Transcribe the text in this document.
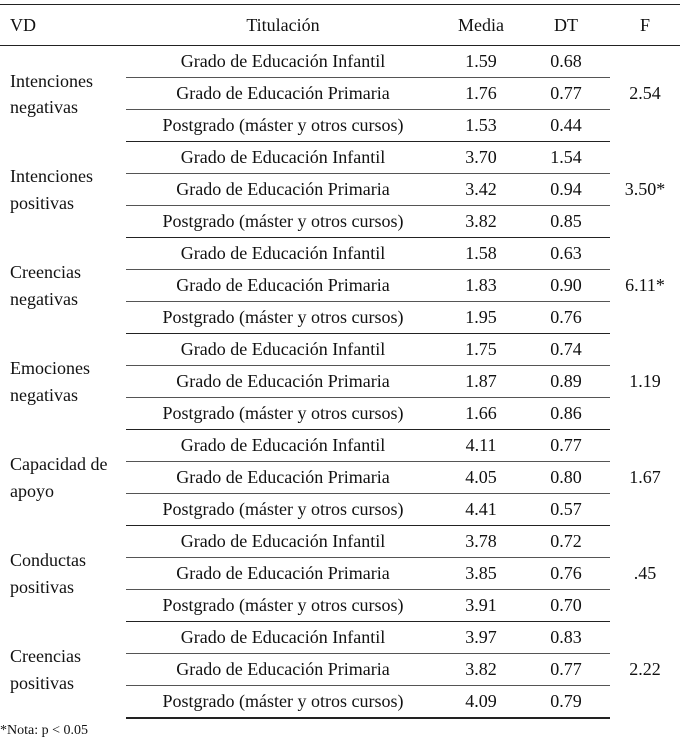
VD	Titulación	Media	DT	F
Intenciones negativas	Grado de Educación Infantil	1.59	0.68	2.54
	Grado de Educación Primaria	1.76	0.77	
	Postgrado (máster y otros cursos)	1.53	0.44	
Intenciones positivas	Grado de Educación Infantil	3.70	1.54	3.50*
	Grado de Educación Primaria	3.42	0.94	
	Postgrado (máster y otros cursos)	3.82	0.85	
Creencias negativas	Grado de Educación Infantil	1.58	0.63	6.11*
	Grado de Educación Primaria	1.83	0.90	
	Postgrado (máster y otros cursos)	1.95	0.76	
Emociones negativas	Grado de Educación Infantil	1.75	0.74	1.19
	Grado de Educación Primaria	1.87	0.89	
	Postgrado (máster y otros cursos)	1.66	0.86	
Capacidad de apoyo	Grado de Educación Infantil	4.11	0.77	1.67
	Grado de Educación Primaria	4.05	0.80	
	Postgrado (máster y otros cursos)	4.41	0.57	
Conductas positivas	Grado de Educación Infantil	3.78	0.72	.45
	Grado de Educación Primaria	3.85	0.76	
	Postgrado (máster y otros cursos)	3.91	0.70	
Creencias positivas	Grado de Educación Infantil	3.97	0.83	2.22
	Grado de Educación Primaria	3.82	0.77	
	Postgrado (máster y otros cursos)	4.09	0.79	
*Nota: p < 0.05
